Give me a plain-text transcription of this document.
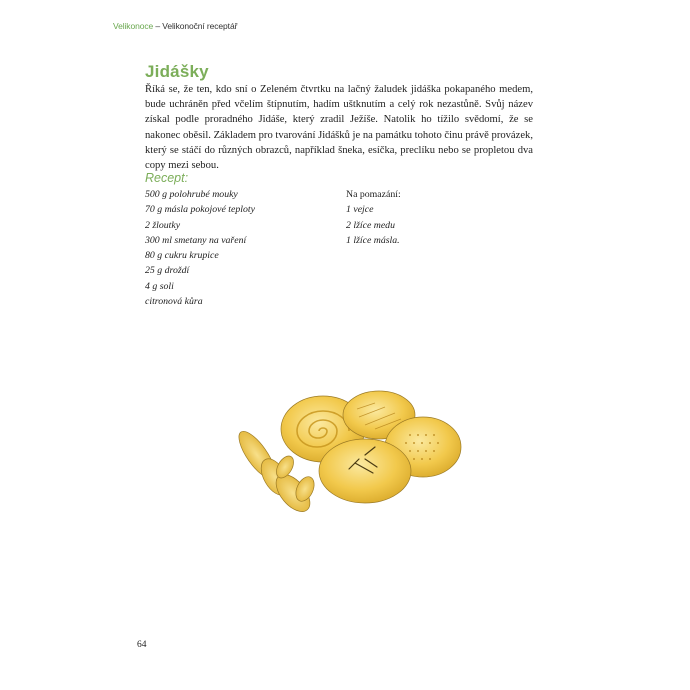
Velikonoce – Velikonoční receptář
Jidášky

Říká se, že ten, kdo sní o Zeleném čtvrtku na lačný žaludek jidáška pokapaného medem, bude uchráněn před včelím štípnutím, hadím uštknutím a celý rok nezastůně. Svůj název získal podle proradného Jidáše, který zradil Ježíše. Natolik ho tížilo svědomí, že se nakonec oběsil. Základem pro tvarování Jidášků je na památku tohoto činu právě provázek, který se stáčí do různých obrazců, například šneka, esíčka, preclíku nebo se propletou dva copy mezi sebou.

Recept:
500 g polohrubé mouky
70 g másla pokojové teploty
2 žloutky
300 ml smetany na vaření
80 g cukru krupice
25 g droždí
4 g soli
citronová kůra
Na pomazání:
1 vejce
2 lžíce medu
1 lžíce másla.
64
